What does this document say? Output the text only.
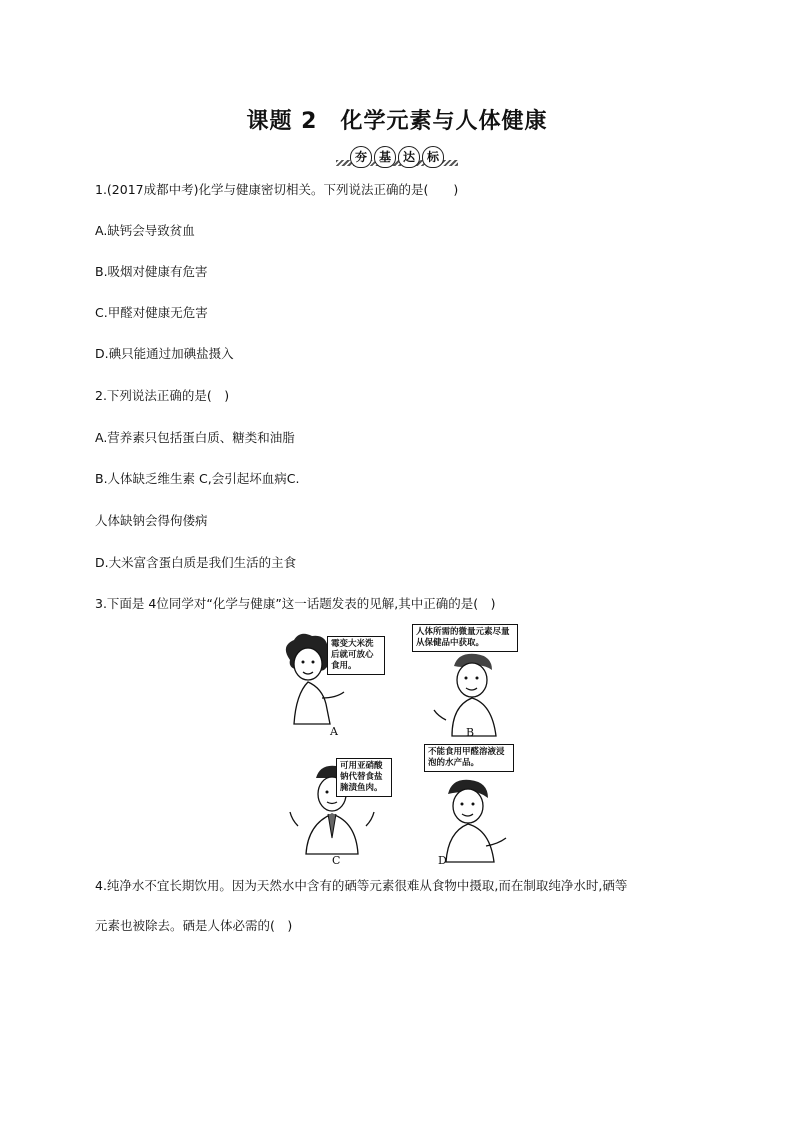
课题 2　化学元素与人体健康
夯 基 达 标
1.(2017成都中考)化学与健康密切相关。下列说法正确的是(　　)
A.缺钙会导致贫血
B.吸烟对健康有危害
C.甲醛对健康无危害
D.碘只能通过加碘盐摄入
2.下列说法正确的是(　)
A.营养素只包括蛋白质、糖类和油脂
B.人体缺乏维生素 C,会引起坏血病C.
人体缺钠会得佝偻病
D.大米富含蛋白质是我们生活的主食
3.下面是 4位同学对“化学与健康”这一话题发表的见解,其中正确的是(　)
霉变大米洗后就可放心食用。
A
人体所需的微量元素尽量从保健品中获取。
B
可用亚硝酸钠代替食盐腌渍鱼肉。
C
不能食用甲醛溶液浸泡的水产品。
D
4.纯净水不宜长期饮用。因为天然水中含有的硒等元素很难从食物中摄取,而在制取纯净水时,硒等
元素也被除去。硒是人体必需的(　)
